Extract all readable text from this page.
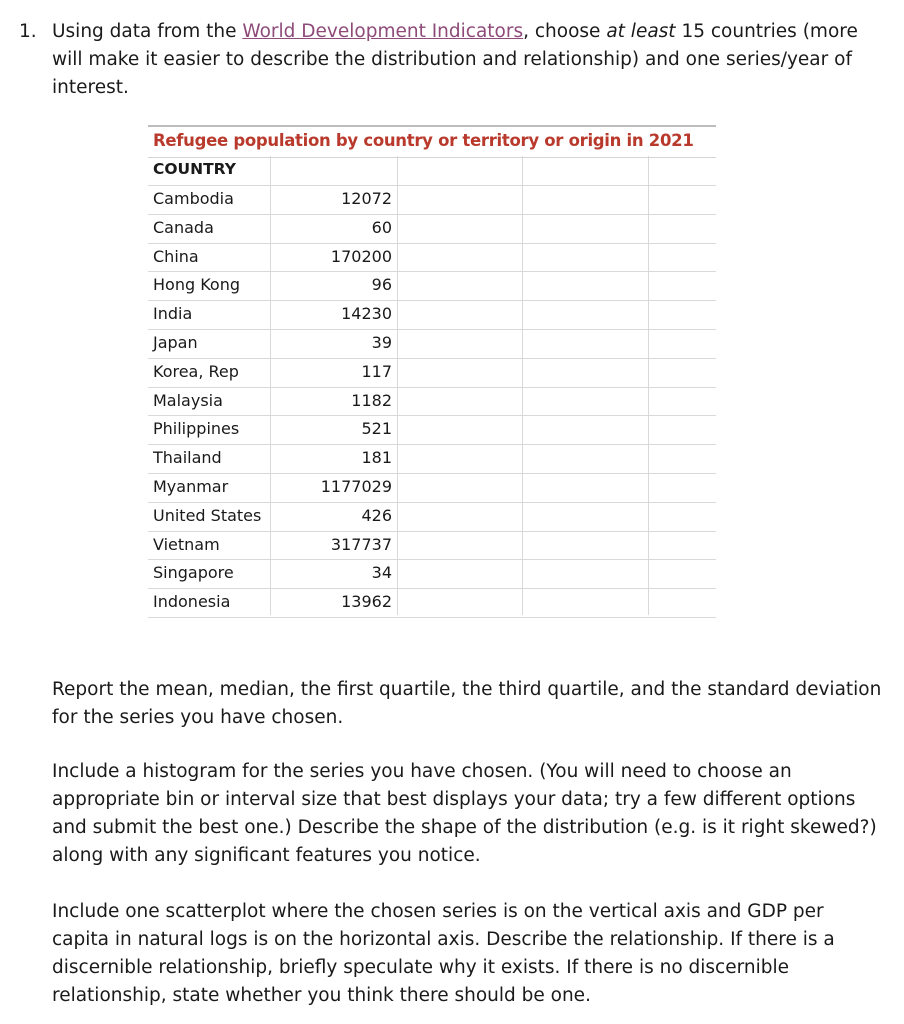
1. Using data from the World Development Indicators, choose at least 15 countries (more will make it easier to describe the distribution and relationship) and one series/year of interest.
Refugee population by country or territory or origin in 2021
COUNTRY
Cambodia	12072
Canada	60
China	170200
Hong Kong	96
India	14230
Japan	39
Korea, Rep	117
Malaysia	1182
Philippines	521
Thailand	181
Myanmar	1177029
United States	426
Vietnam	317737
Singapore	34
Indonesia	13962
Report the mean, median, the first quartile, the third quartile, and the standard deviation for the series you have chosen.
Include a histogram for the series you have chosen. (You will need to choose an appropriate bin or interval size that best displays your data; try a few different options and submit the best one.) Describe the shape of the distribution (e.g. is it right skewed?) along with any significant features you notice.
Include one scatterplot where the chosen series is on the vertical axis and GDP per capita in natural logs is on the horizontal axis. Describe the relationship. If there is a discernible relationship, briefly speculate why it exists. If there is no discernible relationship, state whether you think there should be one.
